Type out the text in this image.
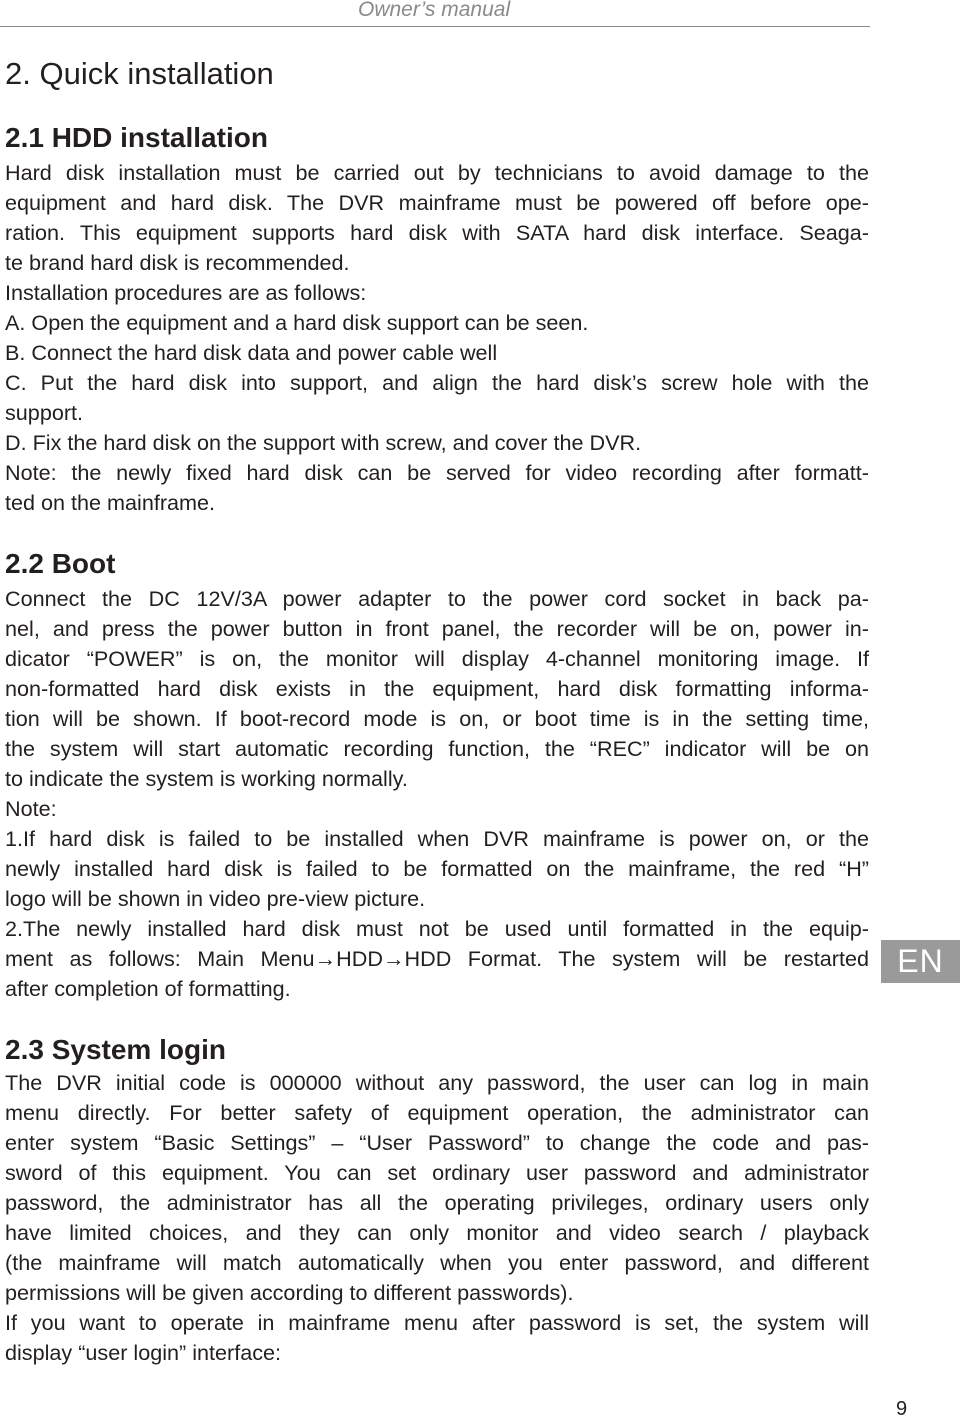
Owner’s manual
2. Quick installation
2.1 HDD installation

Hard disk installation must be carried out by technicians to avoid damage to the

equipment and hard disk. The DVR mainframe must be powered off before ope-

ration. This equipment supports hard disk with SATA hard disk interface. Seaga-

te brand hard disk is recommended.

Installation procedures are as follows:

A. Open the equipment and a hard disk support can be seen.

B. Connect the hard disk data and power cable well

C. Put the hard disk into support, and align the hard disk’s screw hole with the

support.

D. Fix the hard disk on the support with screw, and cover the DVR.

Note: the newly fixed hard disk can be served for video recording after formatt-

ted on the mainframe.

2.2 Boot

Connect the DC 12V/3A power adapter to the power cord socket in back pa-

nel, and press the power button in front panel, the recorder will be on, power in-

dicator “POWER” is on, the monitor will display 4-channel monitoring image. If

non-formatted hard disk exists in the equipment, hard disk formatting informa-

tion will be shown. If boot-record mode is on, or boot time is in the setting time,

the system will start automatic recording function, the “REC” indicator will be on

to indicate the system is working normally.

Note:

1.If hard disk is failed to be installed when DVR mainframe is power on, or the

newly installed hard disk is failed to be formatted on the mainframe, the red “H”

logo will be shown in video pre-view picture.

2.The newly installed hard disk must not be used until formatted in the equip-

ment as follows: Main Menu→HDD→HDD Format. The system will be restarted

after completion of formatting.

2.3 System login

The DVR initial code is 000000 without any password, the user can log in main

menu directly. For better safety of equipment operation, the administrator can

enter system “Basic Settings” – “User Password” to change the code and pas-

sword of this equipment. You can set ordinary user password and administrator

password, the administrator has all the operating privileges, ordinary users only

have limited choices, and they can only monitor and video search / playback

(the mainframe will match automatically when you enter password, and different

permissions will be given according to different passwords).

If you want to operate in mainframe menu after password is set, the system will

display “user login” interface:

EN
9
